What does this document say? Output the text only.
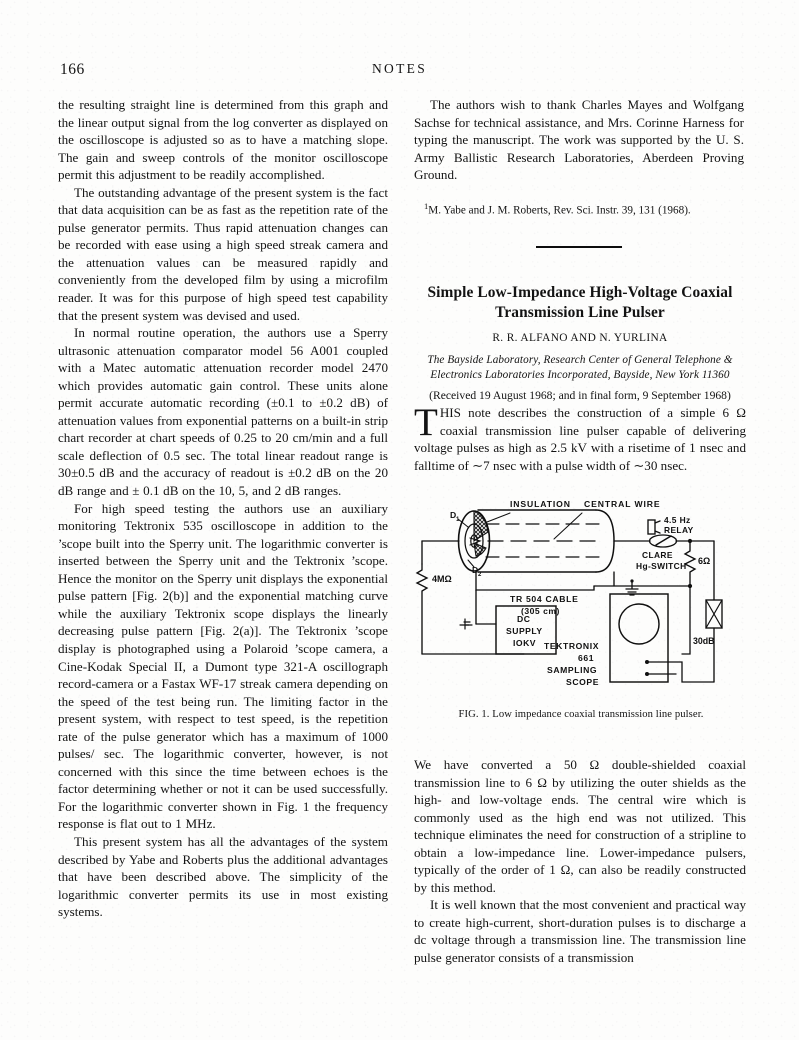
166	NOTES

the resulting straight line is determined from this graph and the linear output signal from the log converter as displayed on the oscilloscope is adjusted so as to have a matching slope. The gain and sweep controls of the monitor oscilloscope permit this adjustment to be readily accomplished.

The outstanding advantage of the present system is the fact that data acquisition can be as fast as the repetition rate of the pulse generator permits. Thus rapid attenuation changes can be recorded with ease using a high speed streak camera and the attenuation values can be measured rapidly and conveniently from the developed film by using a microfilm reader. It was for this purpose of high speed test capability that the present system was devised and used.

In normal routine operation, the authors use a Sperry ultrasonic attenuation comparator model 56 A001 coupled with a Matec automatic attenuation recorder model 2470 which provides automatic gain control. These units alone permit accurate automatic recording (±0.1 to ±0.2 dB) of attenuation values from exponential patterns on a built-in strip chart recorder at chart speeds of 0.25 to 20 cm/min and a full scale deflection of 0.5 sec. The total linear readout range is 30±0.5 dB and the accuracy of readout is ±0.2 dB on the 20 dB range and ± 0.1 dB on the 10, 5, and 2 dB ranges.

For high speed testing the authors use an auxiliary monitoring Tektronix 535 oscilloscope in addition to the ’scope built into the Sperry unit. The logarithmic converter is inserted between the Sperry unit and the Tektronix ’scope. Hence the monitor on the Sperry unit displays the exponential pulse pattern [Fig. 2(b)] and the exponential matching curve while the auxiliary Tektronix scope displays the linearly decreasing pulse pattern [Fig. 2(a)]. The Tektronix ’scope display is photographed using a Polaroid ’scope camera, a Cine-Kodak Special II, a Dumont type 321-A oscillograph record-camera or a Fastax WF-17 streak camera depending on the speed of the test being run. The limiting factor in the present system, with respect to test speed, is the repetition rate of the pulse generator which has a maximum of 1000 pulses/ sec. The logarithmic converter, however, is not concerned with this since the time between echoes is the factor determining whether or not it can be used successfully. For the logarithmic converter shown in Fig. 1 the frequency response is flat out to 1 MHz.

This present system has all the advantages of the system described by Yabe and Roberts plus the additional advantages that have been described above. The simplicity of the logarithmic converter permits its use in most existing systems.

The authors wish to thank Charles Mayes and Wolfgang Sachse for technical assistance, and Mrs. Corinne Harness for typing the manuscript. The work was supported by the U. S. Army Ballistic Research Laboratories, Aberdeen Proving Ground.

$^1$M. Yabe and J. M. Roberts, Rev. Sci. Instr. 39, 131 (1968).
Simple Low-Impedance High-Voltage Coaxial
Transmission Line Pulser
R. R. ALFANO AND N. YURLINA
The Bayside Laboratory, Research Center of General Telephone &
Electronics Laboratories Incorporated, Bayside, New York 11360
(Received 19 August 1968; and in final form, 9 September 1968)

THIS note describes the construction of a simple 6 Ω coaxial transmission line pulser capable of delivering voltage pulses as high as 2.5 kV with a risetime of 1 nsec and falltime of ∼7 nsec with a pulse width of ∼30 nsec.

INSULATION CENTRAL WIRE
D 1
D 2
4.5 Hz
RELAY
CLARE
Hg-SWITCH
TR 504 CABLE
(305 cm)
4MΩ
6Ω
30dB
DC
SUPPLY
IOKV TEKTRONIX
661
SAMPLING
SCOPE
FIG. 1. Low impedance coaxial transmission line pulser.

We have converted a 50 Ω double-shielded coaxial transmission line to 6 Ω by utilizing the outer shields as the high- and low-voltage ends. The central wire which is commonly used as the high end was not utilized. This technique eliminates the need for construction of a stripline to obtain a low-impedance line. Lower-impedance pulsers, typically of the order of 1 Ω, can also be readily constructed by this method.

It is well known that the most convenient and practical way to create high-current, short-duration pulses is to discharge a dc voltage through a transmission line. The transmission line pulse generator consists of a transmission
